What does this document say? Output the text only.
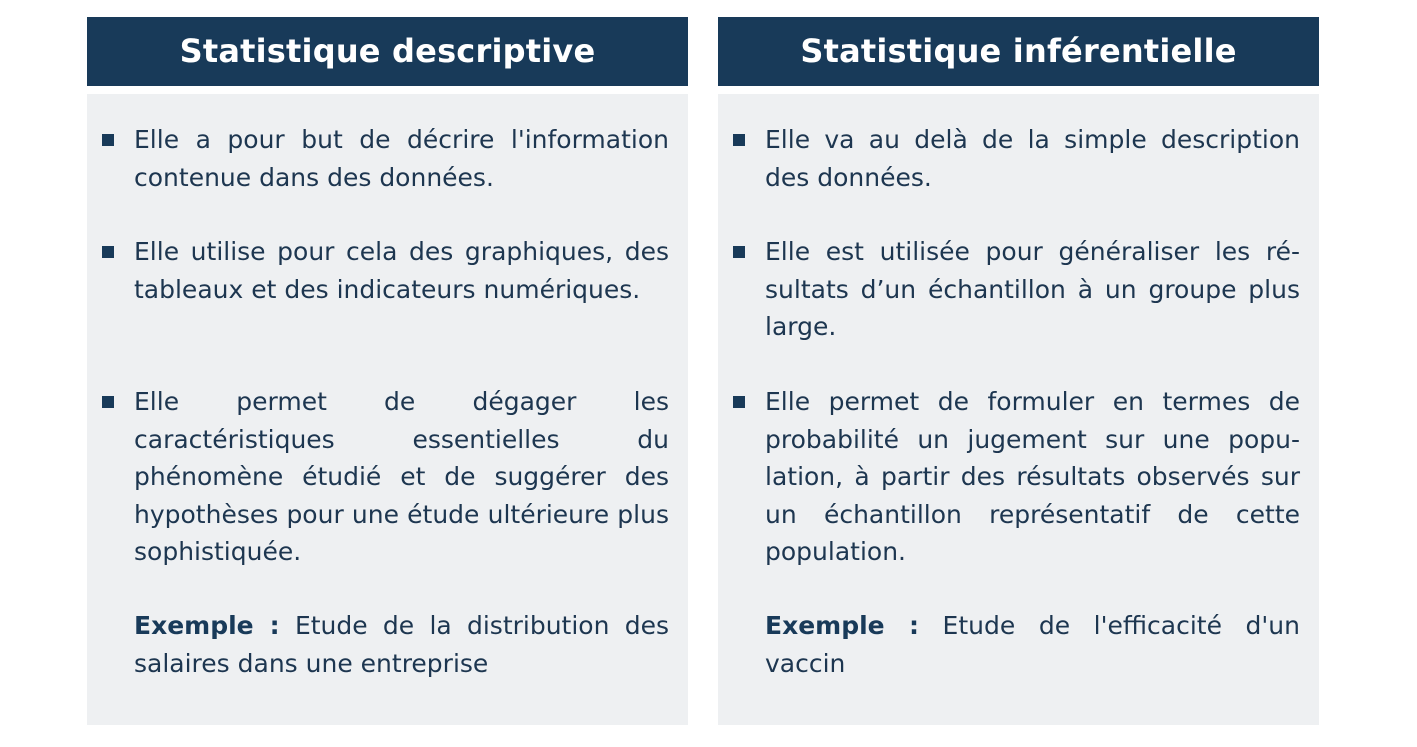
Statistique descriptive

Elle a pour but de décrire l'information contenue dans des données.

Elle utilise pour cela des graphiques, des tableaux et des indicateurs numériques.

Elle permet de dégager les caractéristiques essentielles du phénomène étudié et de suggérer des hypothèses pour une étude ultérieure plus sophistiquée.

Exemple : Etude de la distribution des salaires dans une entreprise

Statistique inférentielle

Elle va au delà de la simple description des données.

Elle est utilisée pour généraliser les résultats d’un échantillon à un groupe plus large.

Elle permet de formuler en termes de probabilité un jugement sur une population, à partir des résultats observés sur un échantillon représentatif de cette population.

Exemple : Etude de l'efficacité d'un vaccin
